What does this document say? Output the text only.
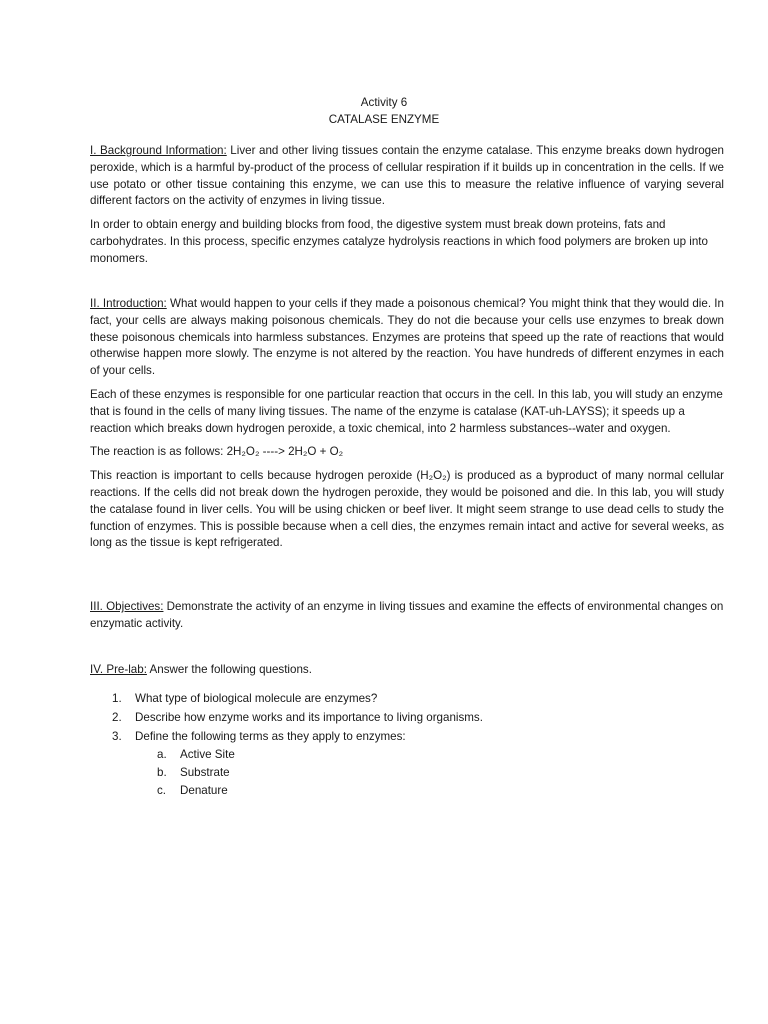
Activity 6
CATALASE ENZYME

I. Background Information: Liver and other living tissues contain the enzyme catalase. This enzyme breaks down hydrogen peroxide, which is a harmful by-product of the process of cellular respiration if it builds up in concentration in the cells. If we use potato or other tissue containing this enzyme, we can use this to measure the relative influence of varying several different factors on the activity of enzymes in living tissue.

In order to obtain energy and building blocks from food, the digestive system must break down proteins, fats and carbohydrates. In this process, specific enzymes catalyze hydrolysis reactions in which food polymers are broken up into monomers.

II. Introduction: What would happen to your cells if they made a poisonous chemical? You might think that they would die. In fact, your cells are always making poisonous chemicals. They do not die because your cells use enzymes to break down these poisonous chemicals into harmless substances. Enzymes are proteins that speed up the rate of reactions that would otherwise happen more slowly. The enzyme is not altered by the reaction. You have hundreds of different enzymes in each of your cells.

Each of these enzymes is responsible for one particular reaction that occurs in the cell. In this lab, you will study an enzyme that is found in the cells of many living tissues. The name of the enzyme is catalase (KAT-uh-LAYSS); it speeds up a reaction which breaks down hydrogen peroxide, a toxic chemical, into 2 harmless substances--water and oxygen.

The reaction is as follows: 2H₂O₂ ----> 2H₂O + O₂

This reaction is important to cells because hydrogen peroxide (H₂O₂) is produced as a byproduct of many normal cellular reactions. If the cells did not break down the hydrogen peroxide, they would be poisoned and die. In this lab, you will study the catalase found in liver cells. You will be using chicken or beef liver. It might seem strange to use dead cells to study the function of enzymes. This is possible because when a cell dies, the enzymes remain intact and active for several weeks, as long as the tissue is kept refrigerated.

III. Objectives: Demonstrate the activity of an enzyme in living tissues and examine the effects of environmental changes on enzymatic activity.

IV. Pre-lab: Answer the following questions.

1. What type of biological molecule are enzymes?
2. Describe how enzyme works and its importance to living organisms.
3. Define the following terms as they apply to enzymes:
a. Active Site
b. Substrate
c. Denature
